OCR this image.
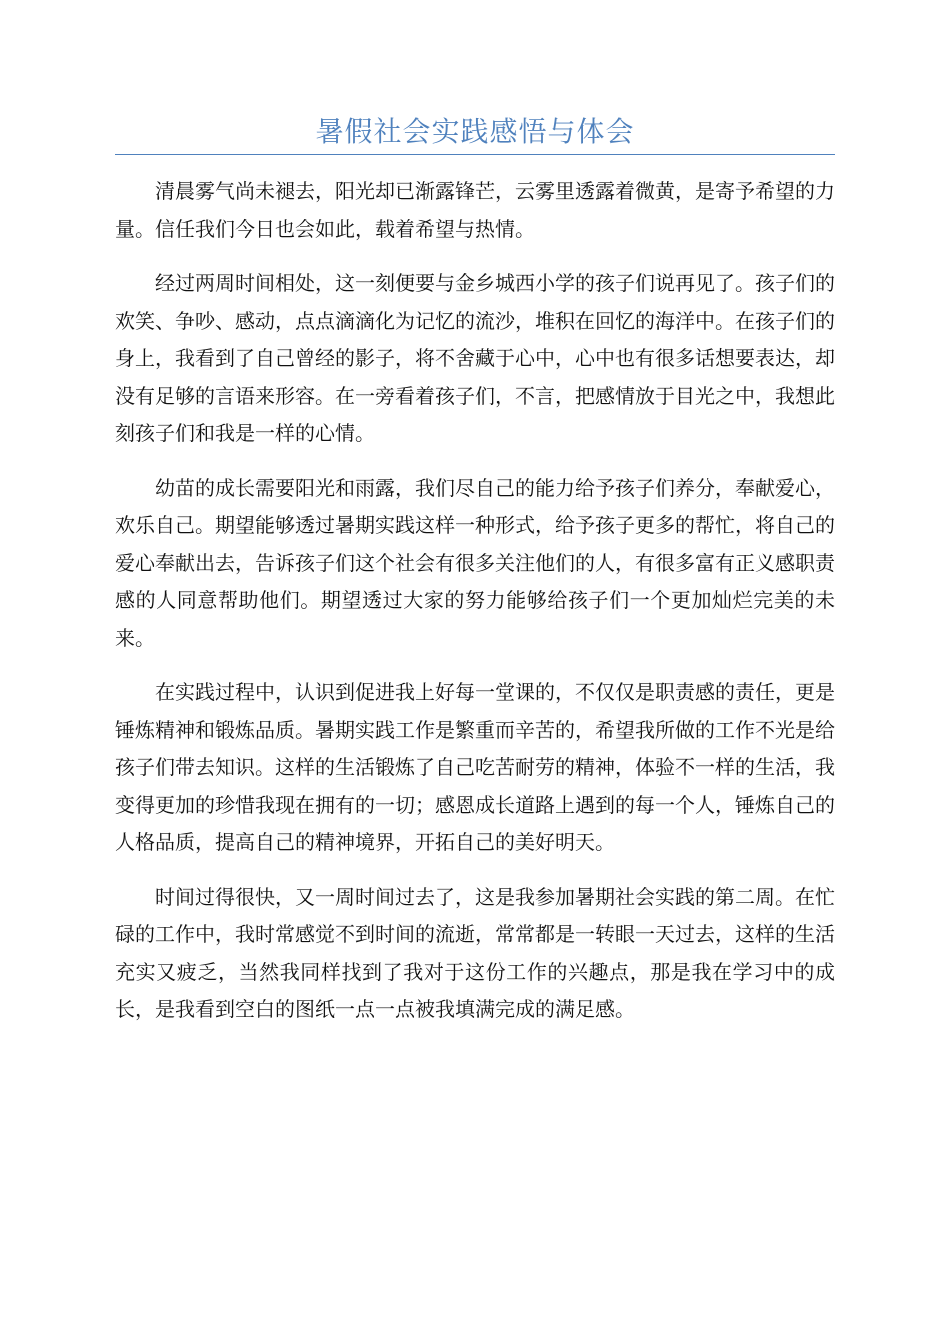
暑假社会实践感悟与体会

清晨雾气尚未褪去，阳光却已渐露锋芒，云雾里透露着微黄，是寄予希望的力量。信任我们今日也会如此，载着希望与热情。

经过两周时间相处，这一刻便要与金乡城西小学的孩子们说再见了。孩子们的欢笑、争吵、感动，点点滴滴化为记忆的流沙，堆积在回忆的海洋中。在孩子们的身上，我看到了自己曾经的影子，将不舍藏于心中，心中也有很多话想要表达，却没有足够的言语来形容。在一旁看着孩子们，不言，把感情放于目光之中，我想此刻孩子们和我是一样的心情。

幼苗的成长需要阳光和雨露，我们尽自己的能力给予孩子们养分，奉献爱心，欢乐自己。期望能够透过暑期实践这样一种形式，给予孩子更多的帮忙，将自己的爱心奉献出去，告诉孩子们这个社会有很多关注他们的人，有很多富有正义感职责感的人同意帮助他们。期望透过大家的努力能够给孩子们一个更加灿烂完美的未来。

在实践过程中，认识到促进我上好每一堂课的，不仅仅是职责感的责任，更是锤炼精神和锻炼品质。暑期实践工作是繁重而辛苦的，希望我所做的工作不光是给孩子们带去知识。这样的生活锻炼了自己吃苦耐劳的精神，体验不一样的生活，我变得更加的珍惜我现在拥有的一切；感恩成长道路上遇到的每一个人，锤炼自己的人格品质，提高自己的精神境界，开拓自己的美好明天。

时间过得很快，又一周时间过去了，这是我参加暑期社会实践的第二周。在忙碌的工作中，我时常感觉不到时间的流逝，常常都是一转眼一天过去，这样的生活充实又疲乏，当然我同样找到了我对于这份工作的兴趣点，那是我在学习中的成长，是我看到空白的图纸一点一点被我填满完成的满足感。
